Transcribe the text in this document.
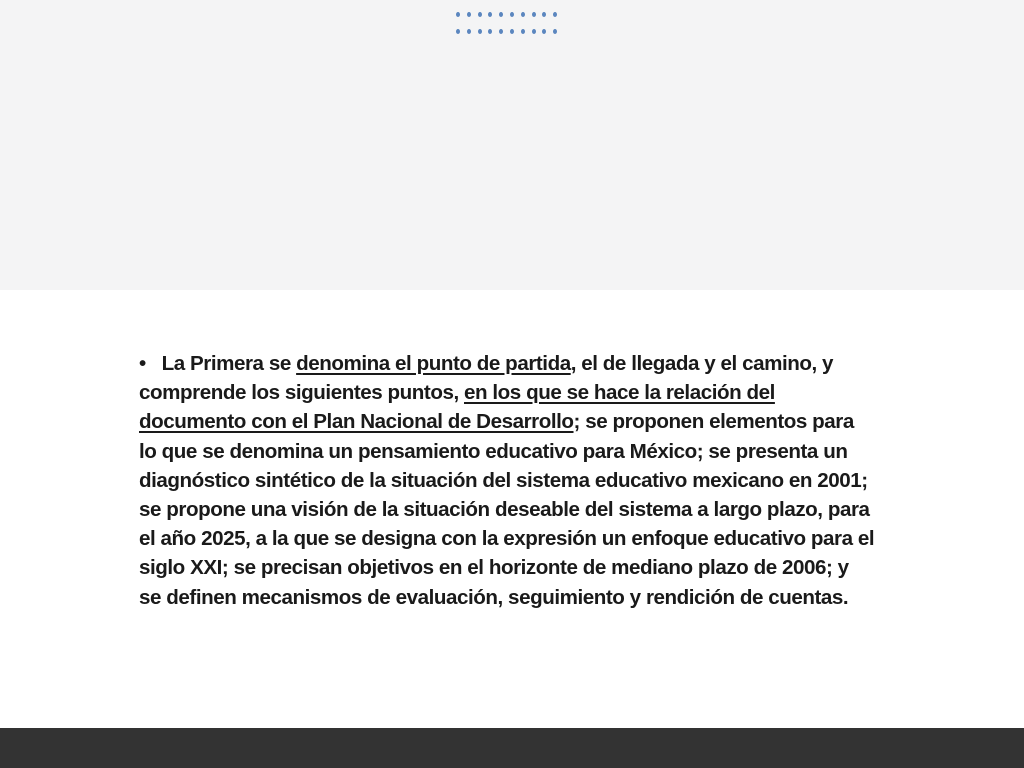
• La Primera se denomina el punto de partida, el de llegada y el camino, y comprende los siguientes puntos, en los que se hace la relación del documento con el Plan Nacional de Desarrollo; se proponen elementos para lo que se denomina un pensamiento educativo para México; se presenta un diagnóstico sintético de la situación del sistema educativo mexicano en 2001; se propone una visión de la situación deseable del sistema a largo plazo, para el año 2025, a la que se designa con la expresión un enfoque educativo para el siglo XXI; se precisan objetivos en el horizonte de mediano plazo de 2006; y se definen mecanismos de evaluación, seguimiento y rendición de cuentas.
